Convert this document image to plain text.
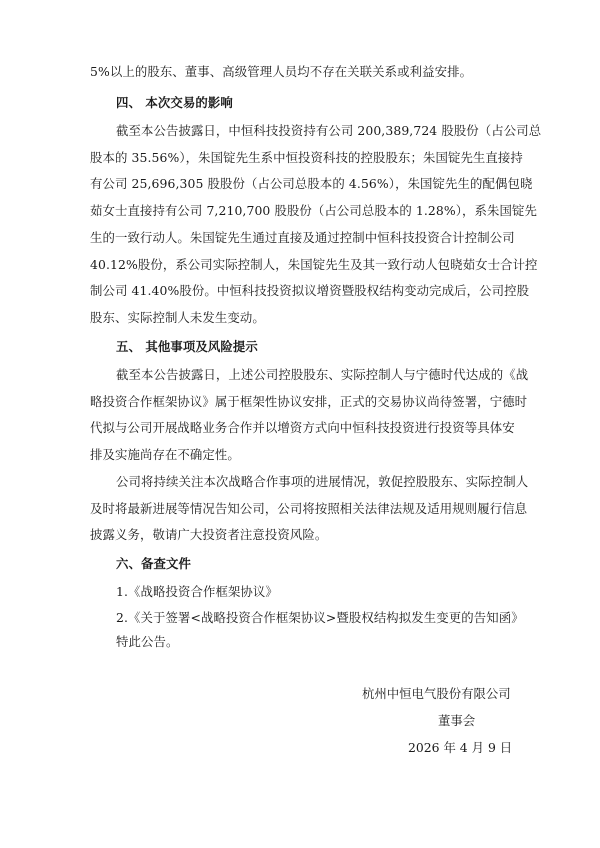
5%以上的股东、董事、高级管理人员均不存在关联关系或利益安排。
四、 本次交易的影响
截至本公告披露日，中恒科技投资持有公司 200,389,724 股股份（占公司总
股本的 35.56%），朱国锭先生系中恒投资科技的控股股东；朱国锭先生直接持
有公司 25,696,305 股股份（占公司总股本的 4.56%），朱国锭先生的配偶包晓
茹女士直接持有公司 7,210,700 股股份（占公司总股本的 1.28%），系朱国锭先
生的一致行动人。朱国锭先生通过直接及通过控制中恒科技投资合计控制公司
40.12%股份，系公司实际控制人，朱国锭先生及其一致行动人包晓茹女士合计控
制公司 41.40%股份。中恒科技投资拟议增资暨股权结构变动完成后，公司控股
股东、实际控制人未发生变动。
五、 其他事项及风险提示
截至本公告披露日，上述公司控股股东、实际控制人与宁德时代达成的《战
略投资合作框架协议》属于框架性协议安排，正式的交易协议尚待签署，宁德时
代拟与公司开展战略业务合作并以增资方式向中恒科技投资进行投资等具体安
排及实施尚存在不确定性。
公司将持续关注本次战略合作事项的进展情况，敦促控股股东、实际控制人
及时将最新进展等情况告知公司，公司将按照相关法律法规及适用规则履行信息
披露义务，敬请广大投资者注意投资风险。
六、备查文件
1.《战略投资合作框架协议》
2.《关于签署<战略投资合作框架协议>暨股权结构拟发生变更的告知函》
特此公告。
杭州中恒电气股份有限公司
董事会
2026 年 4 月 9 日
